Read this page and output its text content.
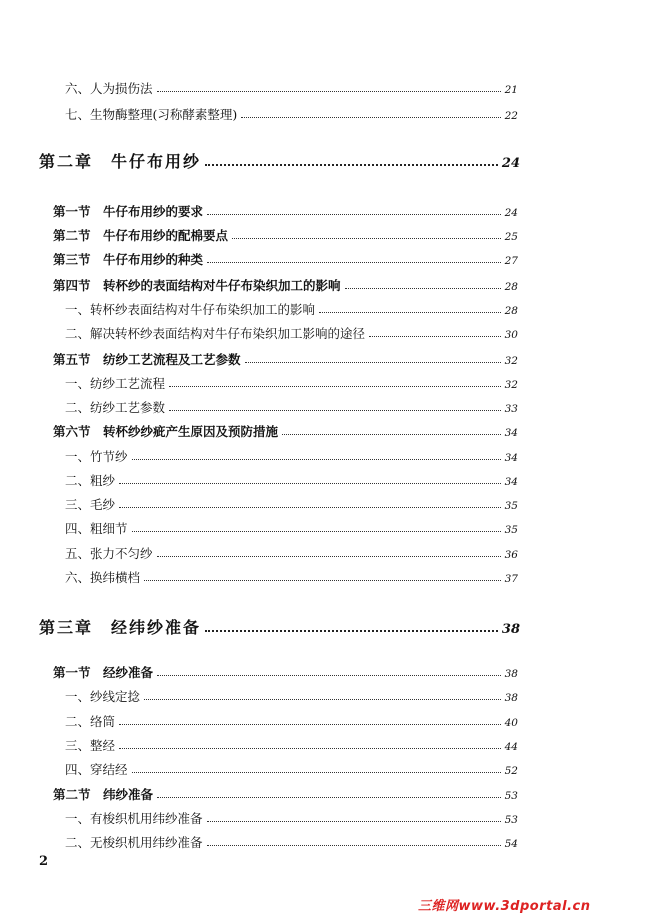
六、人为损伤法	21
七、生物酶整理(习称酵素整理)	22
第二章　牛仔布用纱	24
第一节　牛仔布用纱的要求	24
第二节　牛仔布用纱的配棉要点	25
第三节　牛仔布用纱的种类	27
第四节　转杯纱的表面结构对牛仔布染织加工的影响	28
一、转杯纱表面结构对牛仔布染织加工的影响	28
二、解决转杯纱表面结构对牛仔布染织加工影响的途径	30
第五节　纺纱工艺流程及工艺参数	32
一、纺纱工艺流程	32
二、纺纱工艺参数	33
第六节　转杯纱纱疵产生原因及预防措施	34
一、竹节纱	34
二、粗纱	34
三、毛纱	35
四、粗细节	35
五、张力不匀纱	36
六、换纬横档	37
第三章　经纬纱准备	38
第一节　经纱准备	38
一、纱线定捻	38
二、络筒	40
三、整经	44
四、穿结经	52
第二节　纬纱准备	53
一、有梭织机用纬纱准备	53
二、无梭织机用纬纱准备	54
2
三维网www.3dportal.cn
